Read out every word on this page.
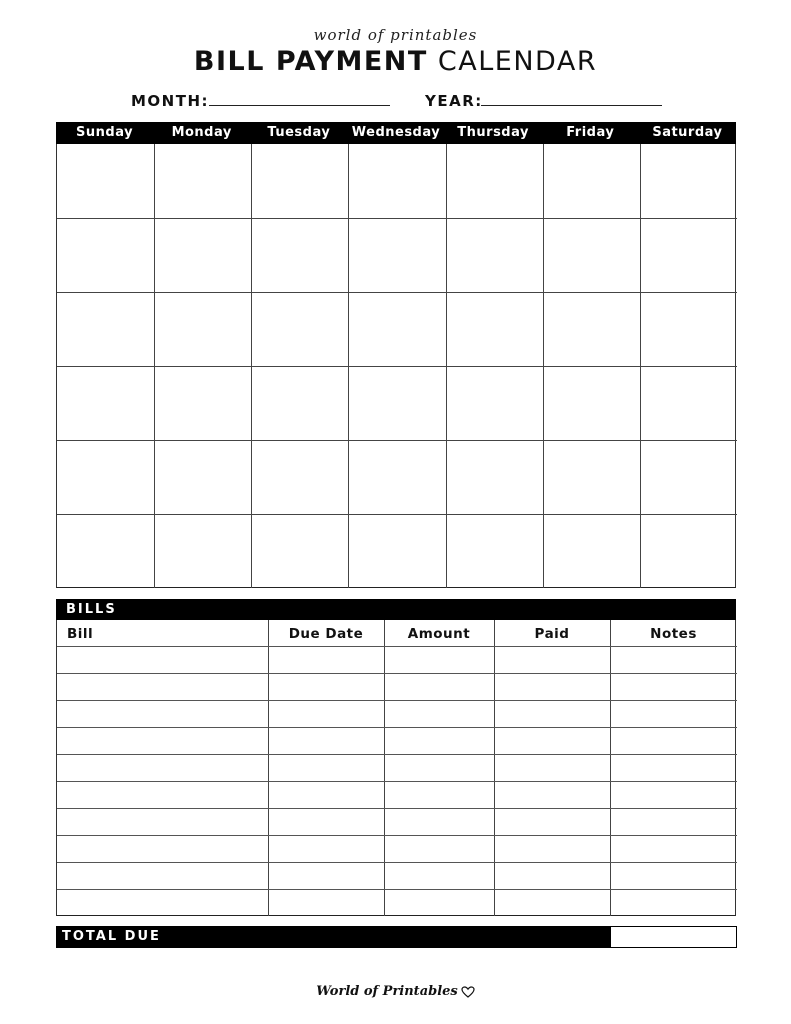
world of printables
BILL PAYMENT CALENDAR
MONTH:	YEAR:
Sunday	Monday	Tuesday	Wednesday	Thursday	Friday	Saturday
BILLS
Bill	Due Date	Amount	Paid	Notes
TOTAL DUE
World of Printables
